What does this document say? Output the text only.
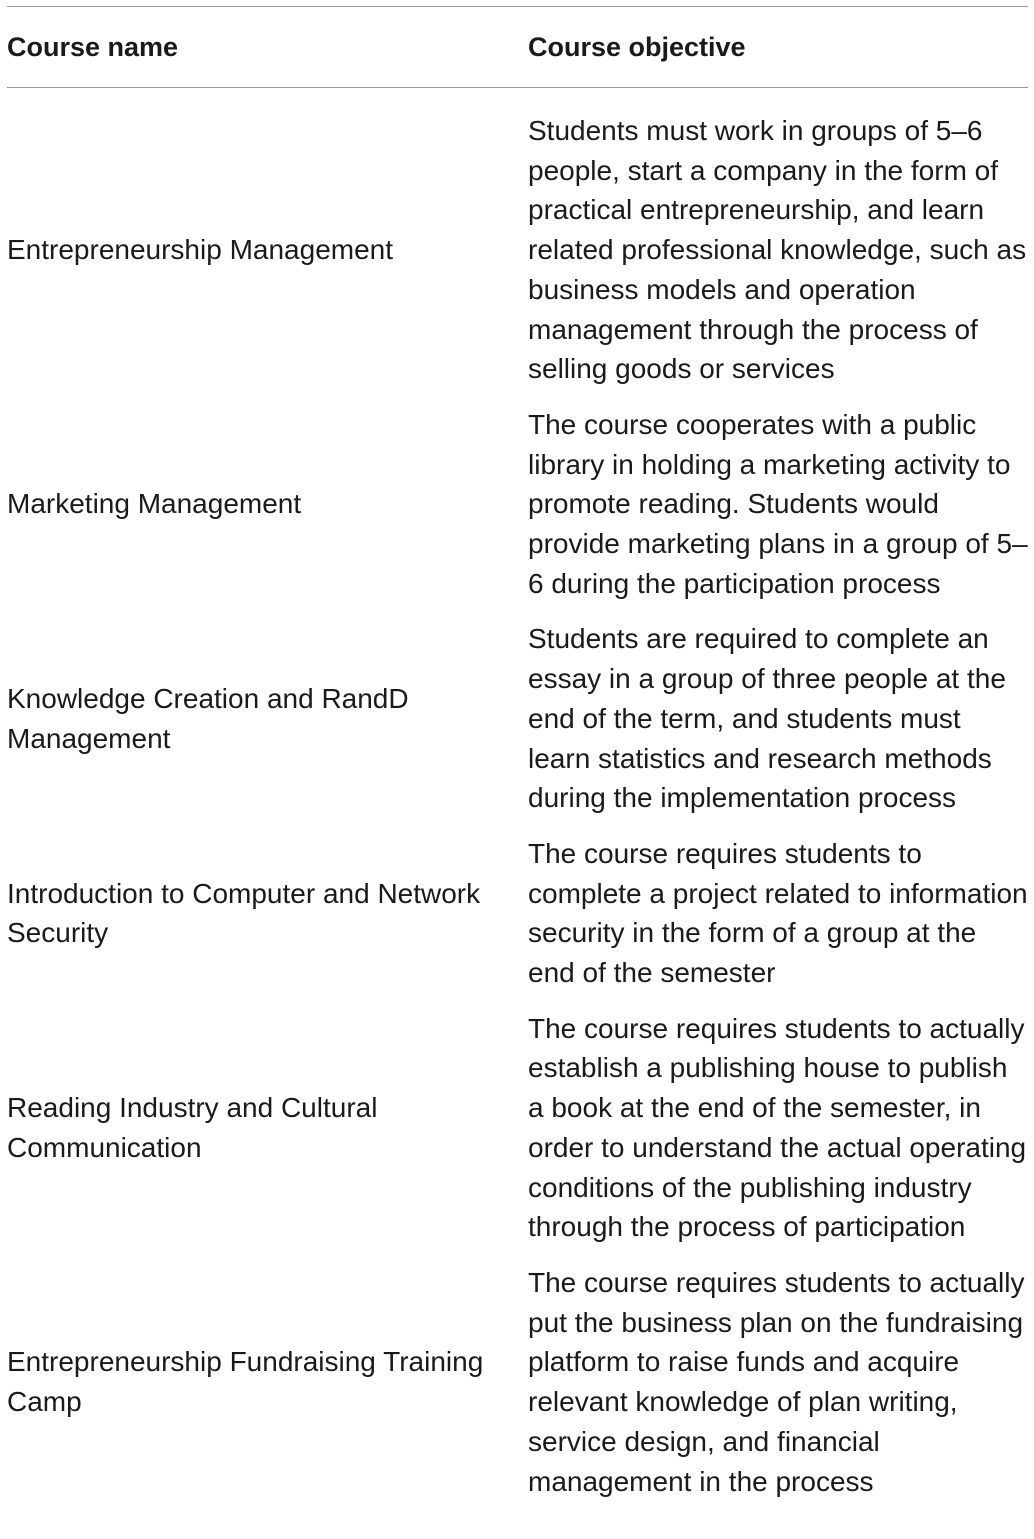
Course name	Course objective
Entrepreneurship Management
Students must work in groups of 5–6 people, start a company in the form of practical entrepreneurship, and learn related professional knowledge, such as business models and operation management through the process of selling goods or services
Marketing Management
The course cooperates with a public library in holding a marketing activity to promote reading. Students would provide marketing plans in a group of 5–6 during the participation process
Knowledge Creation and RandD Management
Students are required to complete an essay in a group of three people at the end of the term, and students must learn statistics and research methods during the implementation process
Introduction to Computer and Network Security
The course requires students to complete a project related to information security in the form of a group at the end of the semester
Reading Industry and Cultural Communication
The course requires students to actually establish a publishing house to publish a book at the end of the semester, in order to understand the actual operating conditions of the publishing industry through the process of participation
Entrepreneurship Fundraising Training Camp
The course requires students to actually put the business plan on the fundraising platform to raise funds and acquire relevant knowledge of plan writing, service design, and financial management in the process
